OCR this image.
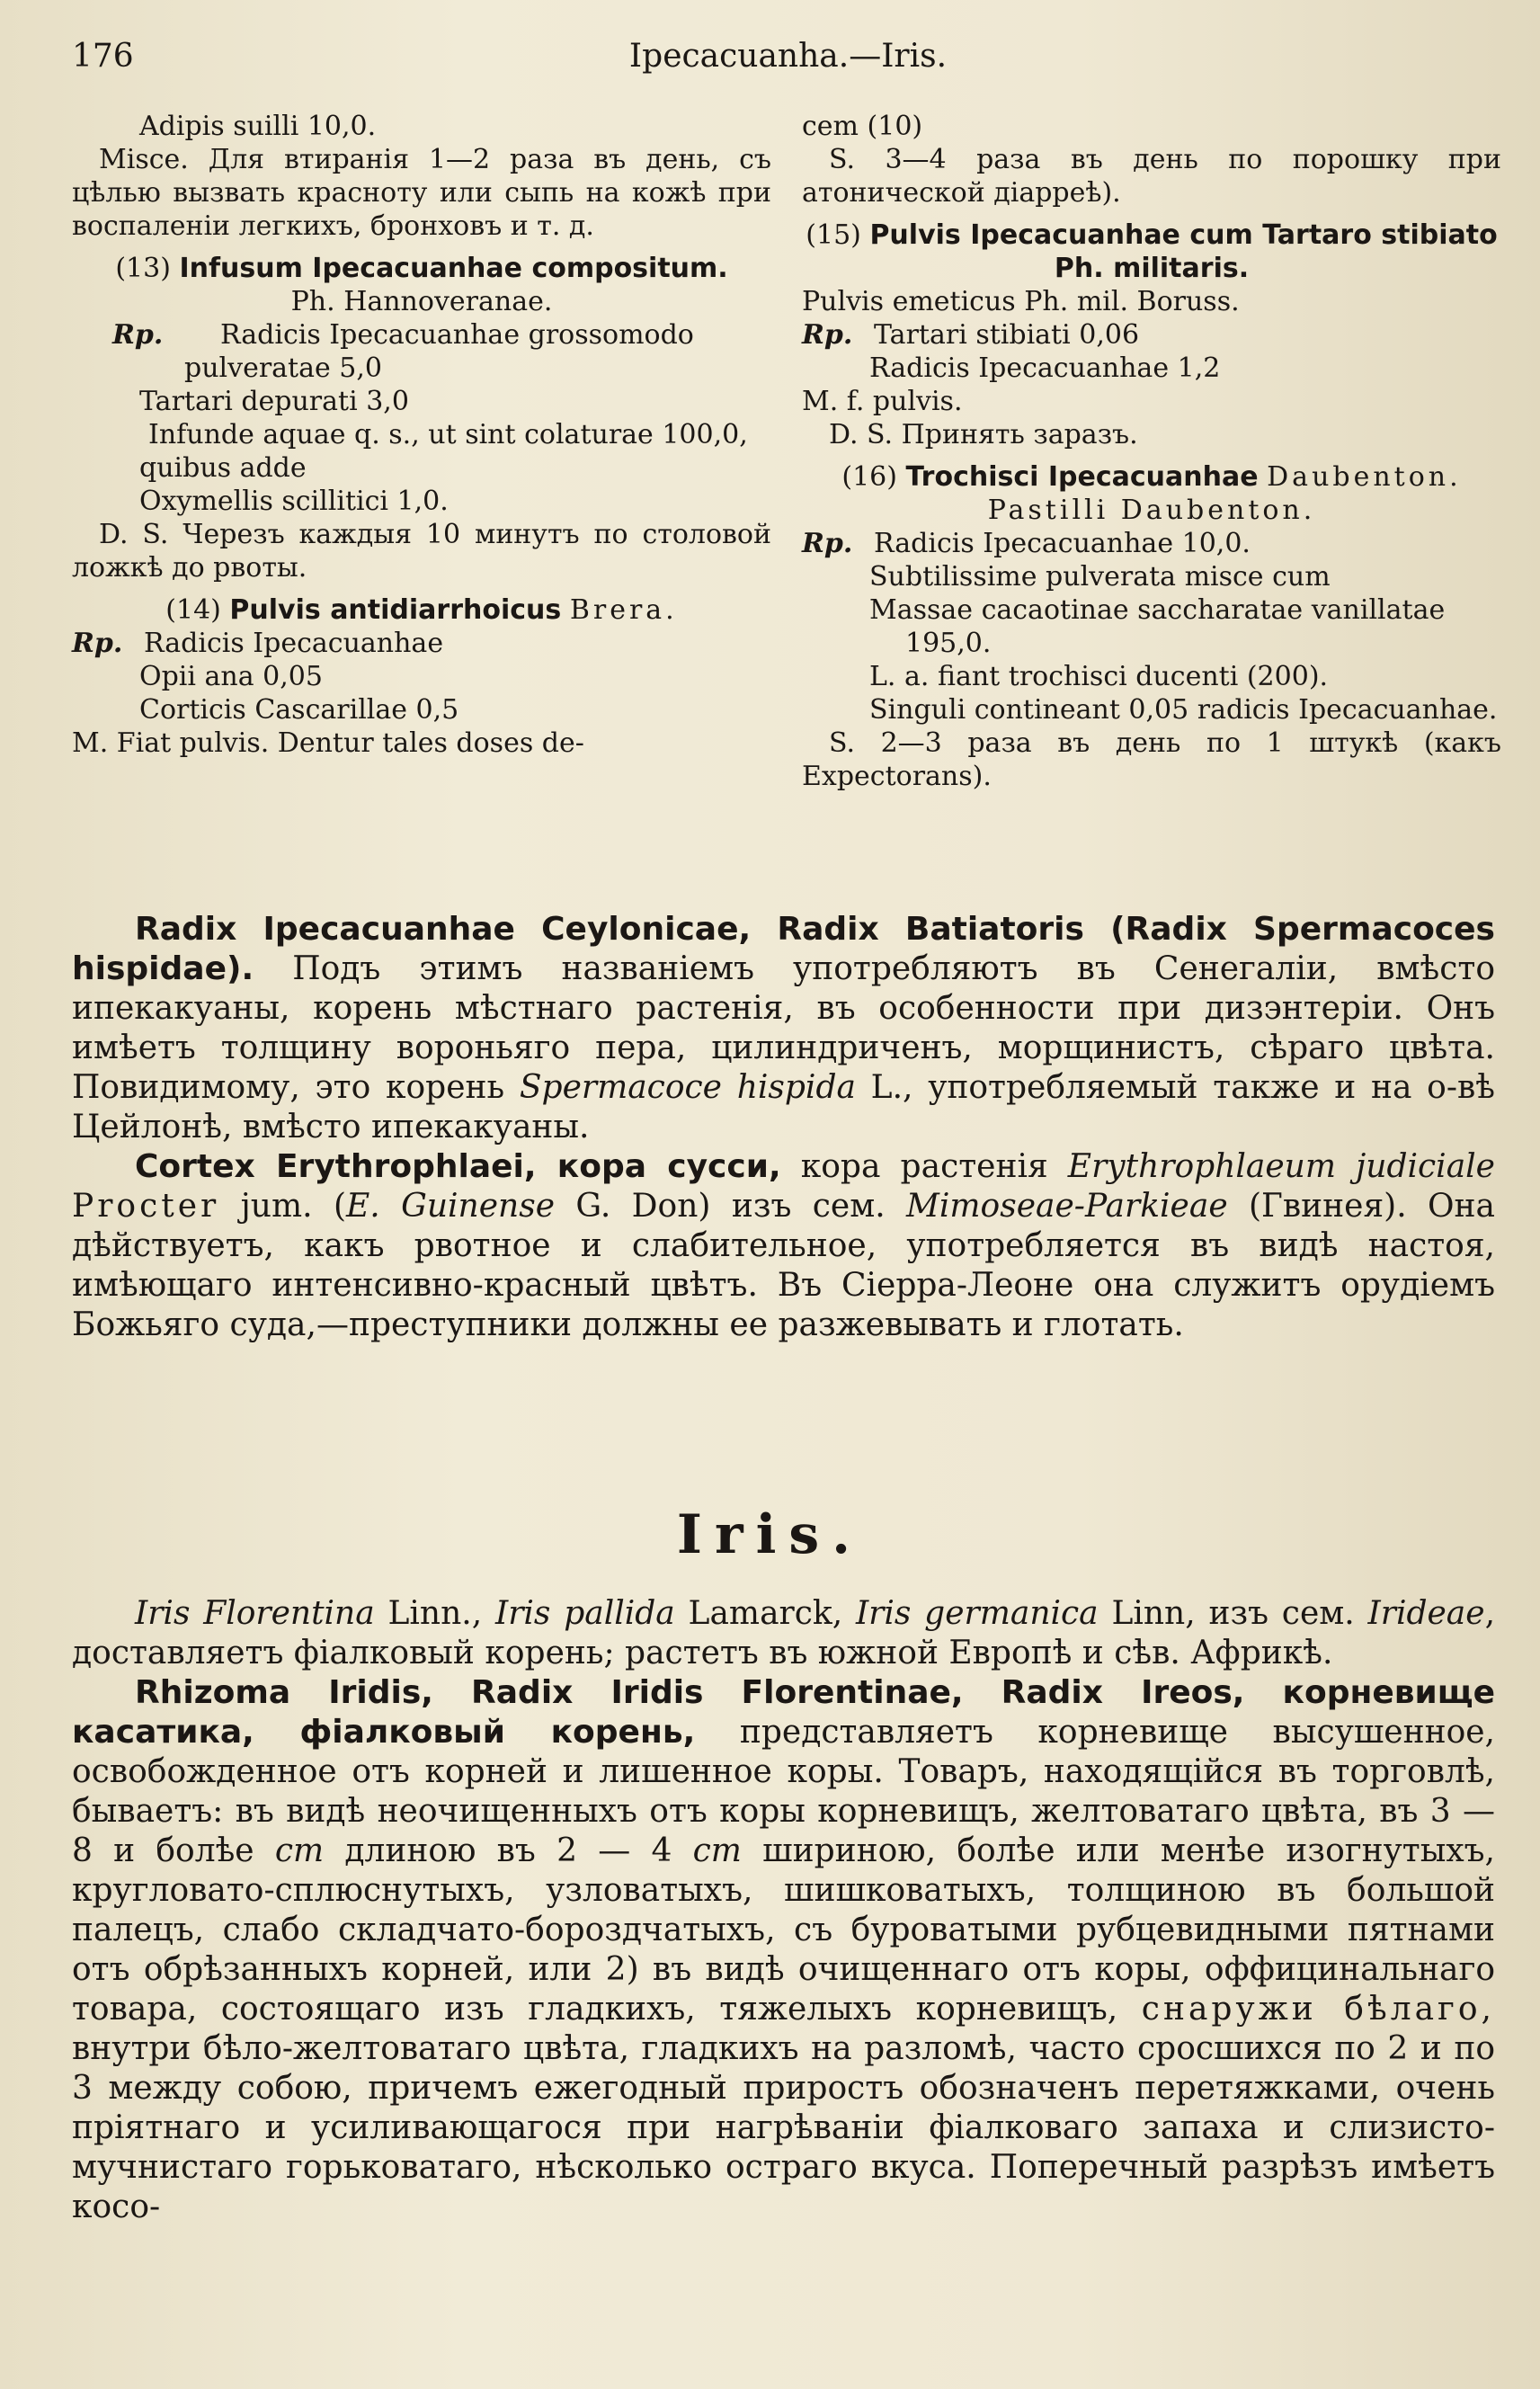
176	Ipecacuanha.—Iris.

Adipis suilli 10,0.

Misce. Для втиранія 1—2 раза въ день, съ цѣлью вызвать красноту или сыпь на кожѣ при воспаленіи легкихъ, бронховъ и т. д.

(13) Infusum Ipecacuanhae compositum.

Ph. Hannoveranae.

Rp. Radicis Ipecacuanhae grossomodo pulveratae 5,0

Tartari depurati 3,0

Infunde aquae q. s., ut sint colaturae 100,0,

quibus adde

Oxymellis scillitici 1,0.

D. S. Черезъ каждыя 10 минутъ по столовой ложкѣ до рвоты.

(14) Pulvis antidiarrhoicus Brera.

Rp. Radicis Ipecacuanhae

Opii ana 0,05

Corticis Cascarillae 0,5

M. Fiat pulvis. Dentur tales doses de-

cem (10)

S. 3—4 раза въ день по порошку при атонической діарреѣ).

(15) Pulvis Ipecacuanhae cum Tartaro stibiato Ph. militaris.

Pulvis emeticus Ph. mil. Boruss.

Rp. Tartari stibiati 0,06

Radicis Ipecacuanhae 1,2

M. f. pulvis.

D. S. Принять заразъ.

(16) Trochisci Ipecacuanhae Daubenton.

Pastilli Daubenton.

Rp. Radicis Ipecacuanhae 10,0.

Subtilissime pulverata misce cum

Massae cacaotinae saccharatae vanillatae 195,0.

L. a. fiant trochisci ducenti (200).

Singuli contineant 0,05 radicis Ipecacuanhae.

S. 2—3 раза въ день по 1 штукѣ (какъ Expectorans).

Radix Ipecacuanhae Ceylonicae, Radix Batiatoris (Radix Spermacoces hispidae). Подъ этимъ названіемъ употребляютъ въ Сенегаліи, вмѣсто ипекакуаны, корень мѣстнаго растенія, въ особенности при дизэнтеріи. Онъ имѣетъ толщину вороньяго пера, цилиндриченъ, морщинистъ, сѣраго цвѣта. Повидимому, это корень Spermacoce hispida L., употребляемый также и на о-вѣ Цейлонѣ, вмѣсто ипекакуаны.

Cortex Erythrophlaei, кора сусси, кора растенія Erythrophlaeum judiciale Procter jum. (E. Guinense G. Don) изъ сем. Mimoseae-Parkieae (Гвинея). Она дѣйствуетъ, какъ рвотное и слабительное, употребляется въ видѣ настоя, имѣющаго интенсивно-красный цвѣтъ. Въ Сіерра-Леоне она служитъ орудіемъ Божьяго суда,—преступники должны ее разжевывать и глотать.

Iris.

Iris Florentina Linn., Iris pallida Lamarck, Iris germanica Linn, изъ сем. Irideae, доставляетъ фіалковый корень; растетъ въ южной Европѣ и сѣв. Африкѣ.

Rhizoma Iridis, Radix Iridis Florentinae, Radix Ireos, корневище касатика, фіалковый корень, представляетъ корневище высушенное, освобожденное отъ корней и лишенное коры. Товаръ, находящійся въ торговлѣ, бываетъ: въ видѣ неочищенныхъ отъ коры корневищъ, желтоватаго цвѣта, въ 3 — 8 и болѣе cm длиною въ 2 — 4 cm шириною, болѣе или менѣе изогнутыхъ, кругловато-сплюснутыхъ, узловатыхъ, шишковатыхъ, толщиною въ большой палецъ, слабо складчато-бороздчатыхъ, съ буроватыми рубцевидными пятнами отъ обрѣзанныхъ корней, или 2) въ видѣ очищеннаго отъ коры, оффицинальнаго товара, состоящаго изъ гладкихъ, тяжелыхъ корневищъ, снаружи бѣлаго, внутри бѣло-желтоватаго цвѣта, гладкихъ на разломѣ, часто сросшихся по 2 и по 3 между собою, причемъ ежегодный приростъ обозначенъ перетяжками, очень пріятнаго и усиливающагося при нагрѣваніи фіалковаго запаха и слизисто-мучнистаго горьковатаго, нѣсколько остраго вкуса. Поперечный разрѣзъ имѣетъ косо-
